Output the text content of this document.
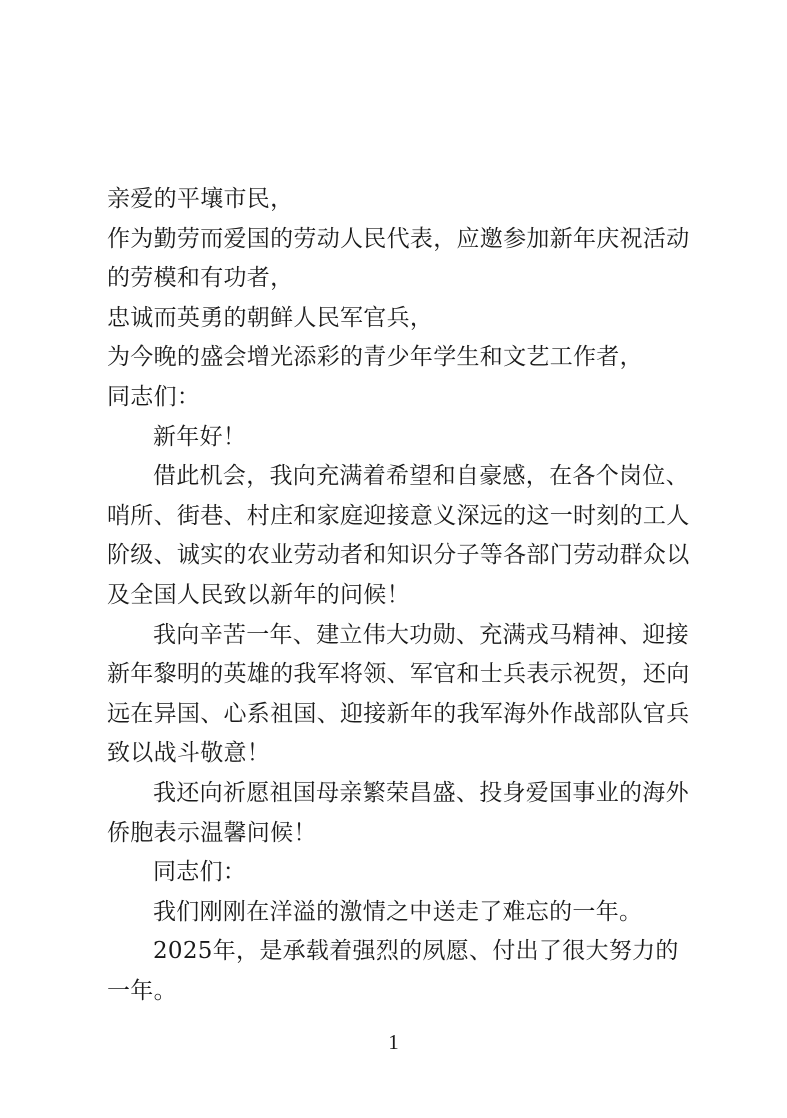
亲爱的平壤市民，
作为勤劳而爱国的劳动人民代表，应邀参加新年庆祝活动
的劳模和有功者，
忠诚而英勇的朝鲜人民军官兵，
为今晚的盛会增光添彩的青少年学生和文艺工作者，
同志们：
新年好！
借此机会，我向充满着希望和自豪感，在各个岗位、
哨所、街巷、村庄和家庭迎接意义深远的这一时刻的工人
阶级、诚实的农业劳动者和知识分子等各部门劳动群众以
及全国人民致以新年的问候！
我向辛苦一年、建立伟大功勋、充满戎马精神、迎接
新年黎明的英雄的我军将领、军官和士兵表示祝贺，还向
远在异国、心系祖国、迎接新年的我军海外作战部队官兵
致以战斗敬意！
我还向祈愿祖国母亲繁荣昌盛、投身爱国事业的海外
侨胞表示温馨问候！
同志们：
我们刚刚在洋溢的激情之中送走了难忘的一年。
2025年，是承载着强烈的夙愿、付出了很大努力的
一年。
1
